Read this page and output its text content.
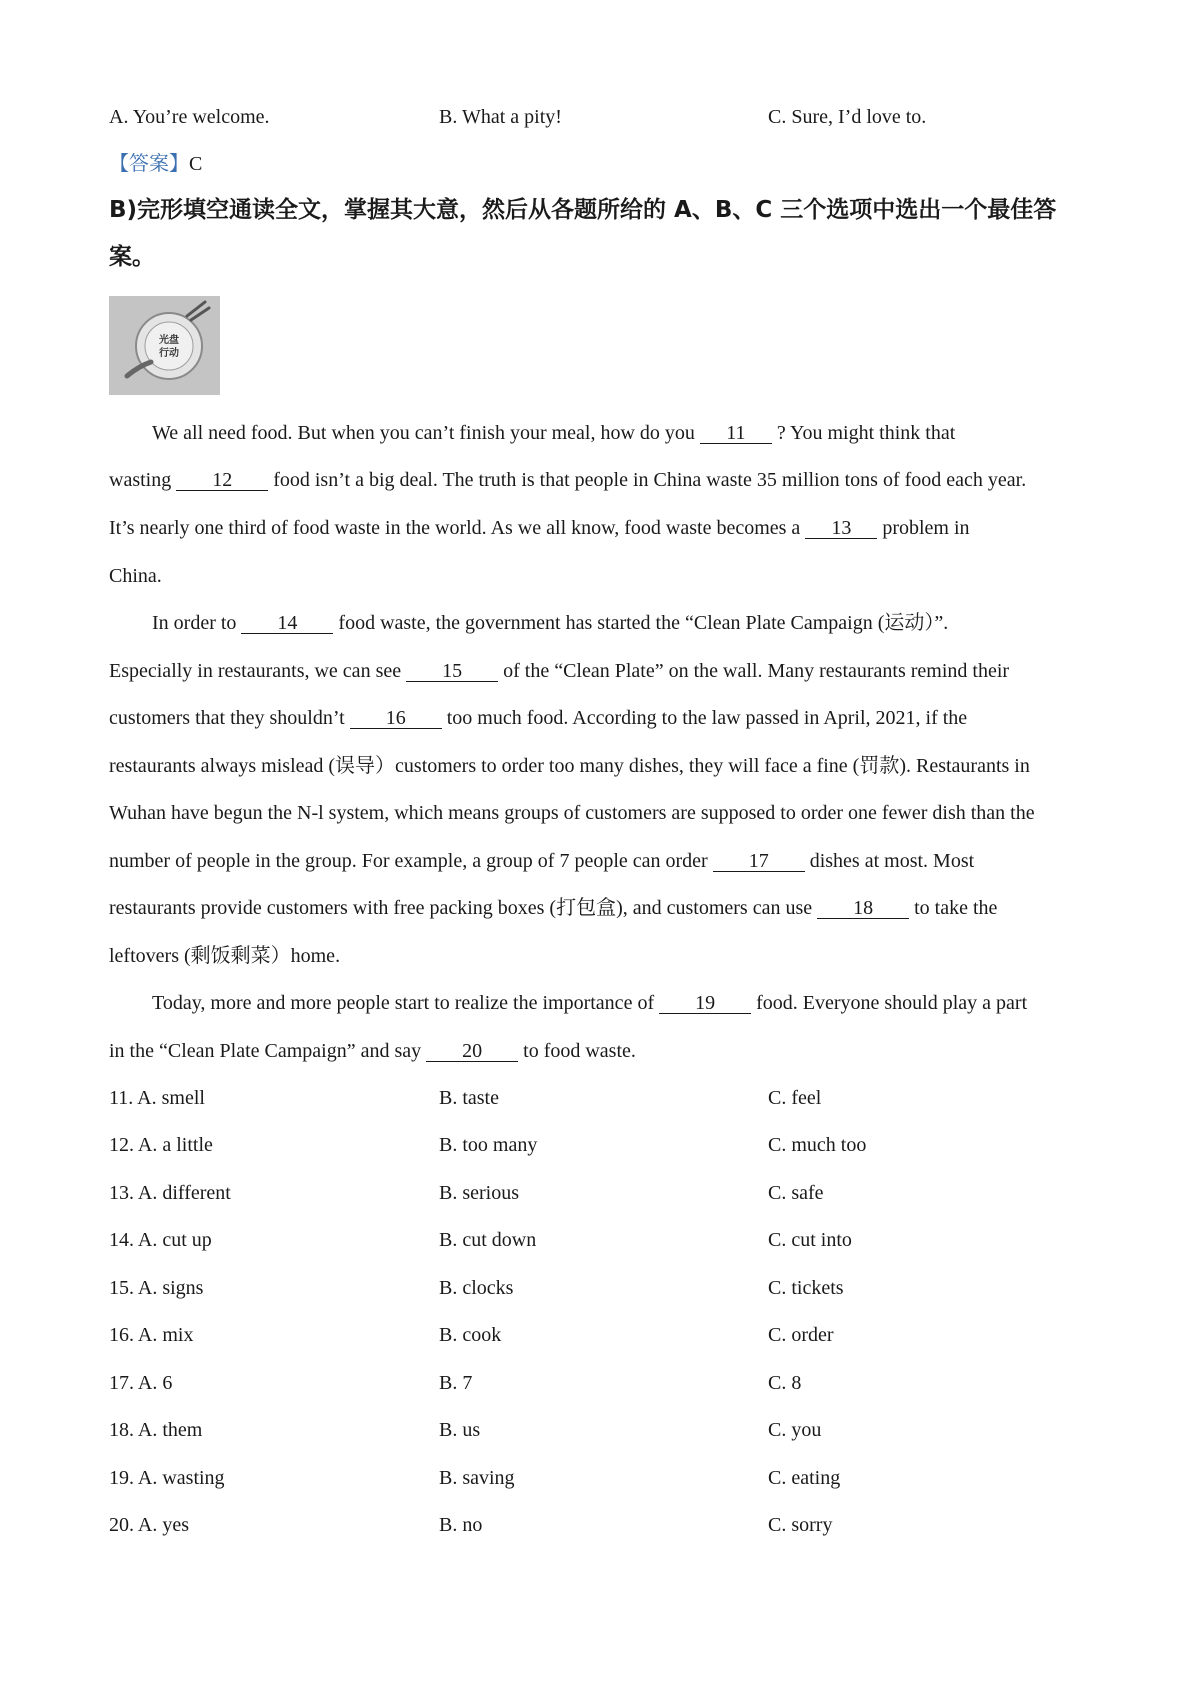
A. You’re welcome.	B. What a pity!	C. Sure, I’d love to.
【答案】C
B)完形填空通读全文，掌握其大意，然后从各题所给的 A、B、C 三个选项中选出一个最佳答
案。
光盘
行动
We all need food. But when you can’t finish your meal, how do you 11 ? You might think that
wasting 12 food isn’t a big deal. The truth is that people in China waste 35 million tons of food each year.
It’s nearly one third of food waste in the world. As we all know, food waste becomes a 13 problem in
China.
In order to 14 food waste, the government has started the “Clean Plate Campaign (运动）”.
Especially in restaurants, we can see 15 of the “Clean Plate” on the wall. Many restaurants remind their
customers that they shouldn’t 16 too much food. According to the law passed in April, 2021, if the
restaurants always mislead (误导）customers to order too many dishes, they will face a fine (罚款). Restaurants in
Wuhan have begun the N-l system, which means groups of customers are supposed to order one fewer dish than the
number of people in the group. For example, a group of 7 people can order 17 dishes at most. Most
restaurants provide customers with free packing boxes (打包盒), and customers can use 18 to take the
leftovers (剩饭剩菜）home.
Today, more and more people start to realize the importance of 19 food. Everyone should play a part
in the “Clean Plate Campaign” and say 20 to food waste.
11. A. smell	B. taste	C. feel
12. A. a little	B. too many	C. much too
13. A. different	B. serious	C. safe
14. A. cut up	B. cut down	C. cut into
15. A. signs	B. clocks	C. tickets
16. A. mix	B. cook	C. order
17. A. 6	B. 7	C. 8
18. A. them	B. us	C. you
19. A. wasting	B. saving	C. eating
20. A. yes	B. no	C. sorry
